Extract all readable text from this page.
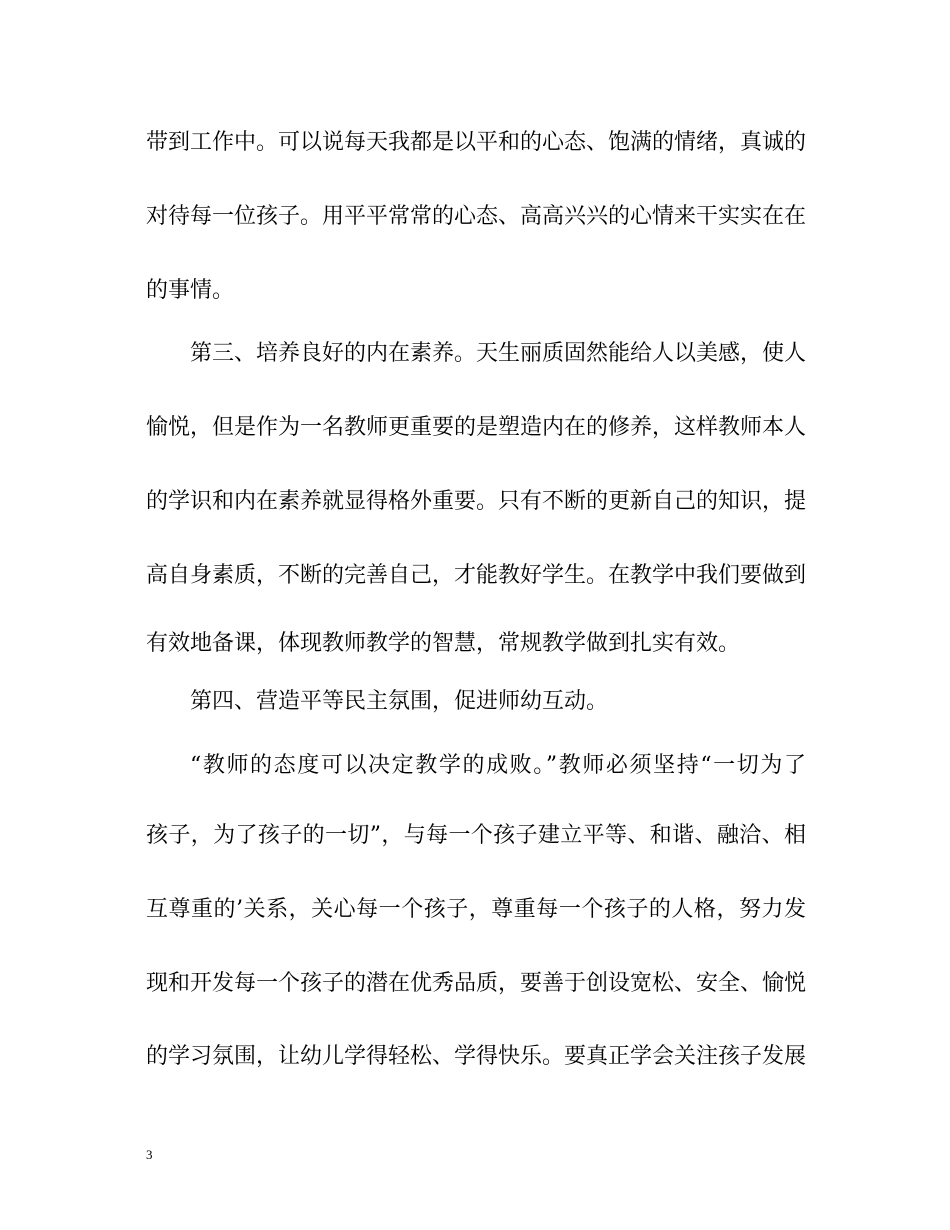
带到工作中。可以说每天我都是以平和的心态、饱满的情绪，真诚的
对待每一位孩子。用平平常常的心态、高高兴兴的心情来干实实在在
的事情。
第三、培养良好的内在素养。天生丽质固然能给人以美感，使人
愉悦，但是作为一名教师更重要的是塑造内在的修养，这样教师本人
的学识和内在素养就显得格外重要。只有不断的更新自己的知识，提
高自身素质，不断的完善自己，才能教好学生。在教学中我们要做到
有效地备课，体现教师教学的智慧，常规教学做到扎实有效。
第四、营造平等民主氛围，促进师幼互动。
“教师的态度可以决定教学的成败。”教师必须坚持“一切为了
孩子，为了孩子的一切”，与每一个孩子建立平等、和谐、融洽、相
互尊重的’关系，关心每一个孩子，尊重每一个孩子的人格，努力发
现和开发每一个孩子的潜在优秀品质，要善于创设宽松、安全、愉悦
的学习氛围，让幼儿学得轻松、学得快乐。要真正学会关注孩子发展
3
